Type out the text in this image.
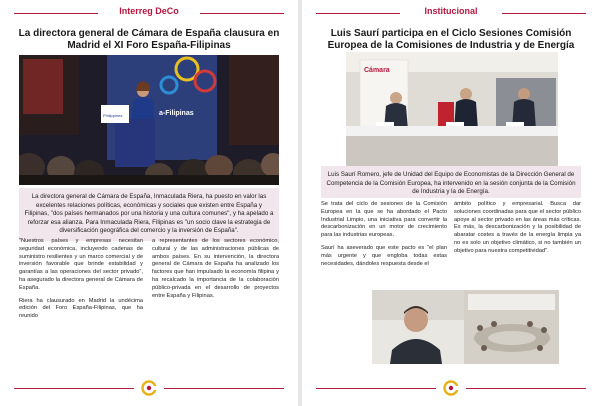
Interreg DeCo
La directora general de Cámara de España clausura en Madrid el XI Foro España-Filipinas
a-Filipinas
Philippines
La directora general de Cámara de España, Inmaculada Riera, ha puesto en valor las excelentes relaciones políticas, económicas y sociales que existen entre España y Filipinas, "dos países hermanados por una historia y una cultura comunes", y ha apelado a reforzar esa alianza. Para Inmaculada Riera, Filipinas es "un socio clave la estrategia de diversificación geográfica del comercio y la inversión de España".

"Nuestros países y empresas necesitan seguridad económica, incluyendo cadenas de suministro resilientes y un marco comercial y de inversión favorable que brinde estabilidad y garantías a las operaciones del sector privado", ha asegurado la directora general de Cámara de España.

Riera ha clausurado en Madrid la undécima edición del Foro España-Filipinas, que ha reunido

a representantes de los sectores económico, cultural y de las administraciones públicas de ambos países. En su intervención, la directora general de Cámara de España ha analizado los factores que han impulsado la economía filipina y ha recalcado la importancia de la colaboración público-privada en el desarrollo de proyectos entre España y Filipinas.

Institucional
Luis Saurí participa en el Ciclo Sesiones Comisión Europea de la Comisiones de Industria y de Energía
Cámara
Luis Saurí Romero, jefe de Unidad del Equipo de Economistas de la Dirección General de Competencia de la Comisión Europea, ha intervenido en la sesión conjunta de la Comisión de Industria y la de Energía.

Se trata del ciclo de sesiones de la Comisión Europea en la que se ha abordado el Pacto Industrial Limpio, una iniciativa para convertir la descarbonización en un motor de crecimiento para las industrias europeas.

Saurí ha aseverado que este pacto es "el plan más urgente y que engloba todas estas necesidades, dándoles respuesta desde el

ámbito político y empresarial. Busca dar soluciones coordinadas para que el sector público apoye al sector privado en las áreas más críticas. Es más, la descarbonización y la posibilidad de abaratar costes a través de la energía limpia ya no es solo un objetivo climático, si no también un objetivo para nuestra competitividad".
